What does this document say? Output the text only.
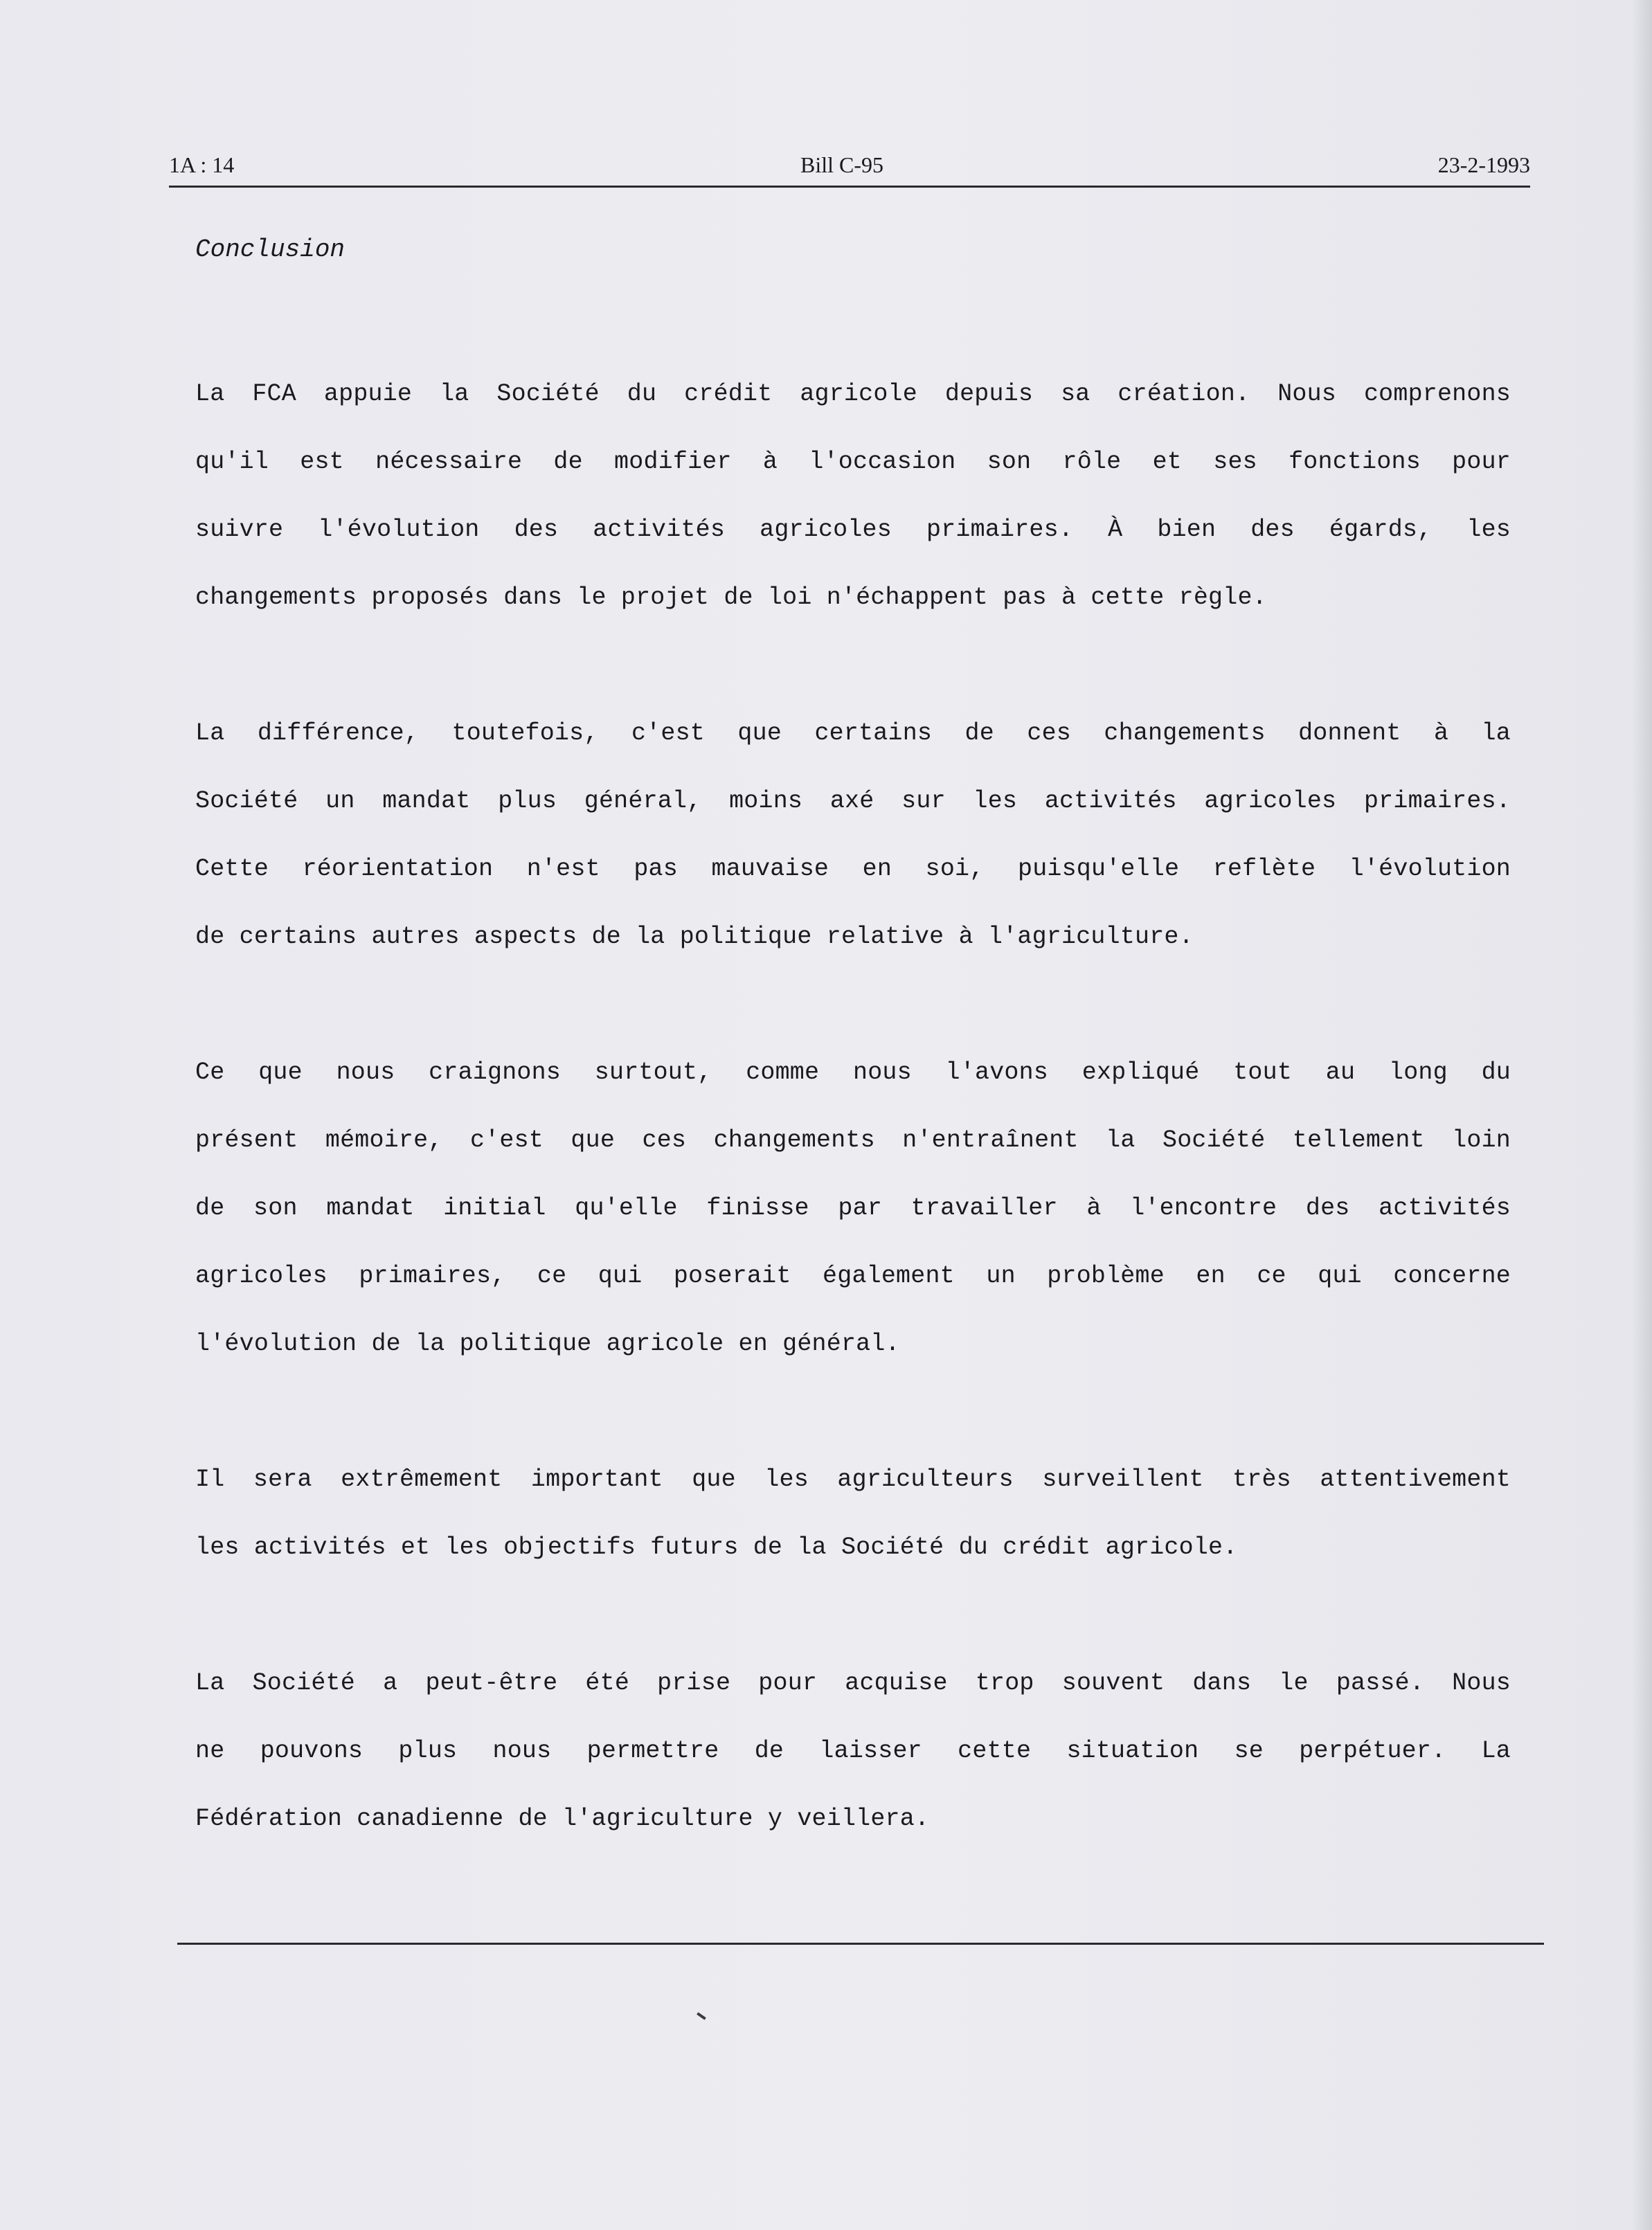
1A : 14	Bill C-95	23-2-1993
Conclusion
La FCA appuie la Société du crédit agricole depuis sa création. Nous comprenons
qu'il est nécessaire de modifier à l'occasion son rôle et ses fonctions pour
suivre l'évolution des activités agricoles primaires. À bien des égards, les
changements proposés dans le projet de loi n'échappent pas à cette règle.
La différence, toutefois, c'est que certains de ces changements donnent à la
Société un mandat plus général, moins axé sur les activités agricoles primaires.
Cette réorientation n'est pas mauvaise en soi, puisqu'elle reflète l'évolution
de certains autres aspects de la politique relative à l'agriculture.
Ce que nous craignons surtout, comme nous l'avons expliqué tout au long du
présent mémoire, c'est que ces changements n'entraînent la Société tellement loin
de son mandat initial qu'elle finisse par travailler à l'encontre des activités
agricoles primaires, ce qui poserait également un problème en ce qui concerne
l'évolution de la politique agricole en général.
Il sera extrêmement important que les agriculteurs surveillent très attentivement
les activités et les objectifs futurs de la Société du crédit agricole.
La Société a peut-être été prise pour acquise trop souvent dans le passé. Nous
ne pouvons plus nous permettre de laisser cette situation se perpétuer. La
Fédération canadienne de l'agriculture y veillera.
